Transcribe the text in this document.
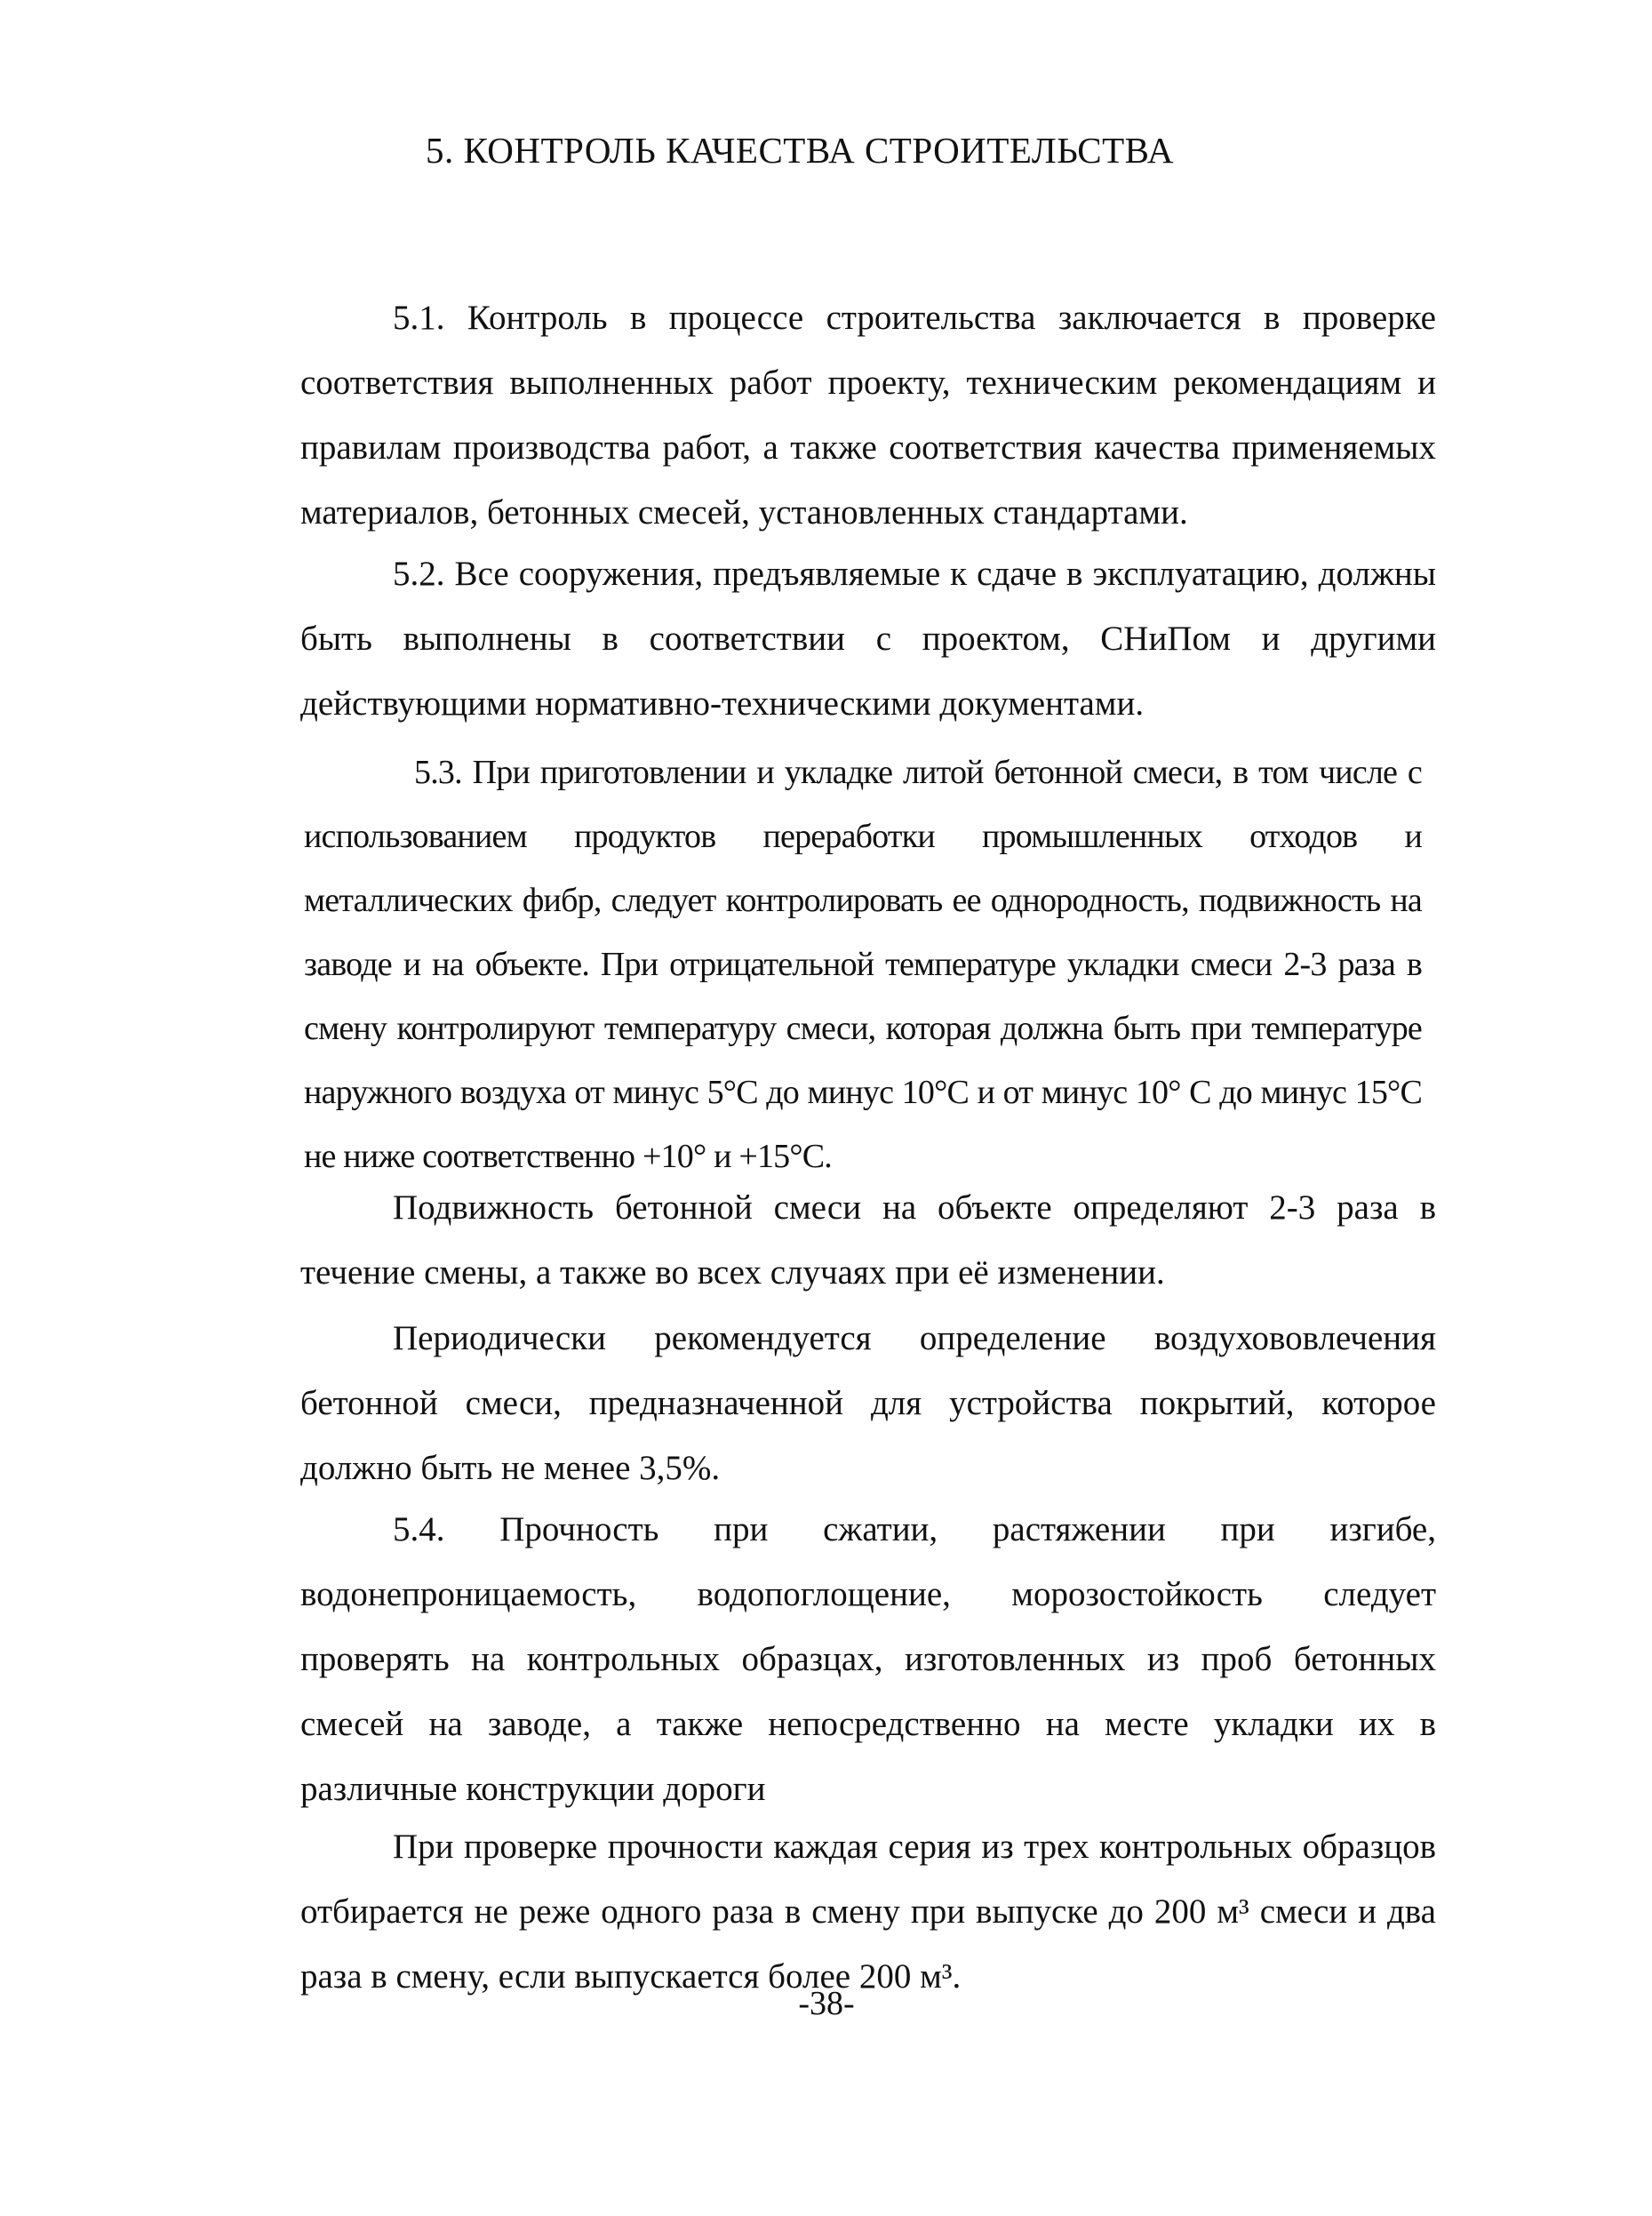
5. КОНТРОЛЬ КАЧЕСТВА СТРОИТЕЛЬСТВА

5.1. Контроль в процессе строительства заключается в проверке соответствия выполненных работ проекту, техническим рекомендациям и правилам производства работ, а также соответствия качества применяемых материалов, бетонных смесей, установленных стандартами.

5.2. Все сооружения, предъявляемые к сдаче в эксплуатацию, должны быть выполнены в соответствии с проектом, СНиПом и другими действующими нормативно-техническими документами.

5.3. При приготовлении и укладке литой бетонной смеси, в том числе с использованием продуктов переработки промышленных отходов и металлических фибр, следует контролировать ее однородность, подвижность на заводе и на объекте. При отрицательной температуре укладки смеси 2-3 раза в смену контролируют температуру смеси, которая должна быть при температуре наружного воздуха от минус 5°С до минус 10°С и от минус 10° С до минус 15°С не ниже соответственно +10° и +15°С.

Подвижность бетонной смеси на объекте определяют 2-3 раза в течение смены, а также во всех случаях при её изменении.

Периодически рекомендуется определение воздухововлечения бетонной смеси, предназначенной для устройства покрытий, которое должно быть не менее 3,5%.

5.4. Прочность при сжатии, растяжении при изгибе, водонепроницаемость, водопоглощение, морозостойкость следует проверять на контрольных образцах, изготовленных из проб бетонных смесей на заводе, а также непосредственно на месте укладки их в различные конструкции дороги

При проверке прочности каждая серия из трех контрольных образцов отбирается не реже одного раза в смену при выпуске до 200 м³ смеси и два раза в смену, если выпускается более 200 м³.

-38-
